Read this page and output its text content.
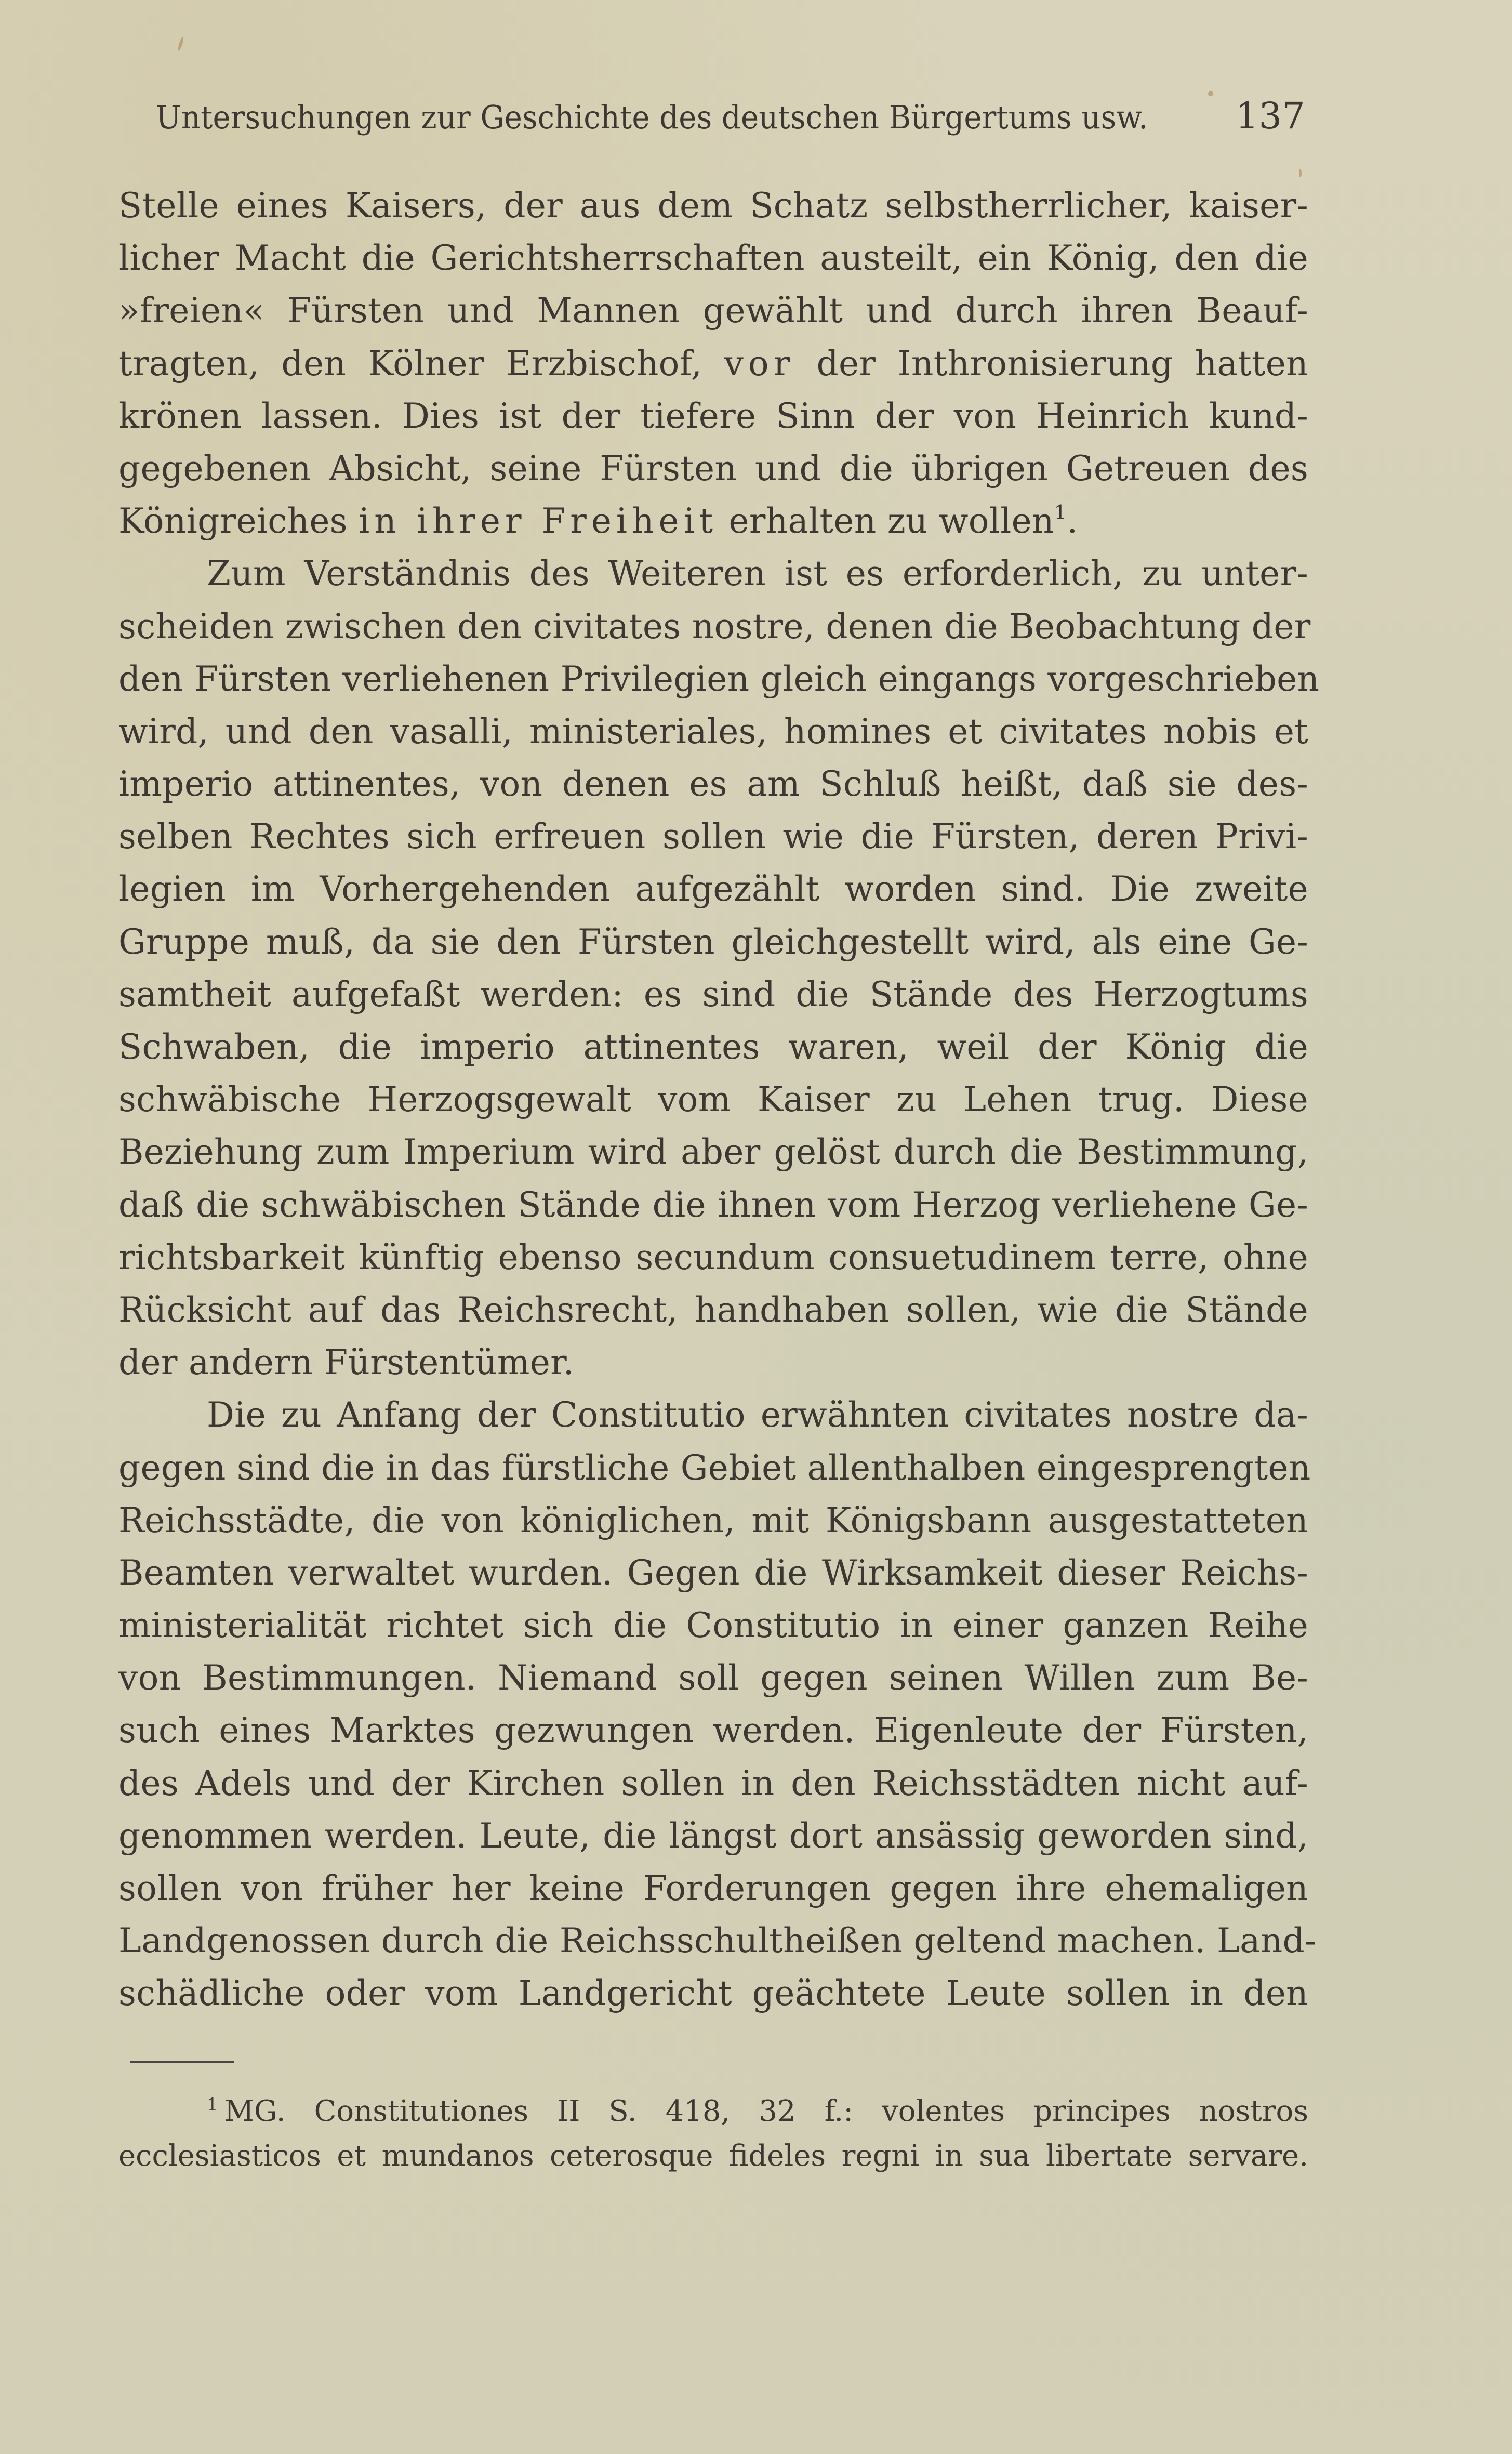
Untersuchungen zur Geschichte des deutschen Bürgertums usw. 137
Stelle eines Kaisers, der aus dem Schatz selbstherrlicher, kaiser-
licher Macht die Gerichtsherrschaften austeilt, ein König, den die
»freien« Fürsten und Mannen gewählt und durch ihren Beauf-
tragten, den Kölner Erzbischof, vor der Inthronisierung hatten
krönen lassen. Dies ist der tiefere Sinn der von Heinrich kund-
gegebenen Absicht, seine Fürsten und die übrigen Getreuen des
Königreiches in ihrer Freiheit erhalten zu wollen$^1$.
Zum Verständnis des Weiteren ist es erforderlich, zu unter-
scheiden zwischen den civitates nostre, denen die Beobachtung der
den Fürsten verliehenen Privilegien gleich eingangs vorgeschrieben
wird, und den vasalli, ministeriales, homines et civitates nobis et
imperio attinentes, von denen es am Schluß heißt, daß sie des-
selben Rechtes sich erfreuen sollen wie die Fürsten, deren Privi-
legien im Vorhergehenden aufgezählt worden sind. Die zweite
Gruppe muß, da sie den Fürsten gleichgestellt wird, als eine Ge-
samtheit aufgefaßt werden: es sind die Stände des Herzogtums
Schwaben, die imperio attinentes waren, weil der König die
schwäbische Herzogsgewalt vom Kaiser zu Lehen trug. Diese
Beziehung zum Imperium wird aber gelöst durch die Bestimmung,
daß die schwäbischen Stände die ihnen vom Herzog verliehene Ge-
richtsbarkeit künftig ebenso secundum consuetudinem terre, ohne
Rücksicht auf das Reichsrecht, handhaben sollen, wie die Stände
der andern Fürstentümer.
Die zu Anfang der Constitutio erwähnten civitates nostre da-
gegen sind die in das fürstliche Gebiet allenthalben eingesprengten
Reichsstädte, die von königlichen, mit Königsbann ausgestatteten
Beamten verwaltet wurden. Gegen die Wirksamkeit dieser Reichs-
ministerialität richtet sich die Constitutio in einer ganzen Reihe
von Bestimmungen. Niemand soll gegen seinen Willen zum Be-
such eines Marktes gezwungen werden. Eigenleute der Fürsten,
des Adels und der Kirchen sollen in den Reichsstädten nicht auf-
genommen werden. Leute, die längst dort ansässig geworden sind,
sollen von früher her keine Forderungen gegen ihre ehemaligen
Landgenossen durch die Reichsschultheißen geltend machen. Land-
schädliche oder vom Landgericht geächtete Leute sollen in den
$^1$ MG. Constitutiones II S. 418, 32 f.: volentes principes nostros
ecclesiasticos et mundanos ceterosque fideles regni in sua libertate servare.
